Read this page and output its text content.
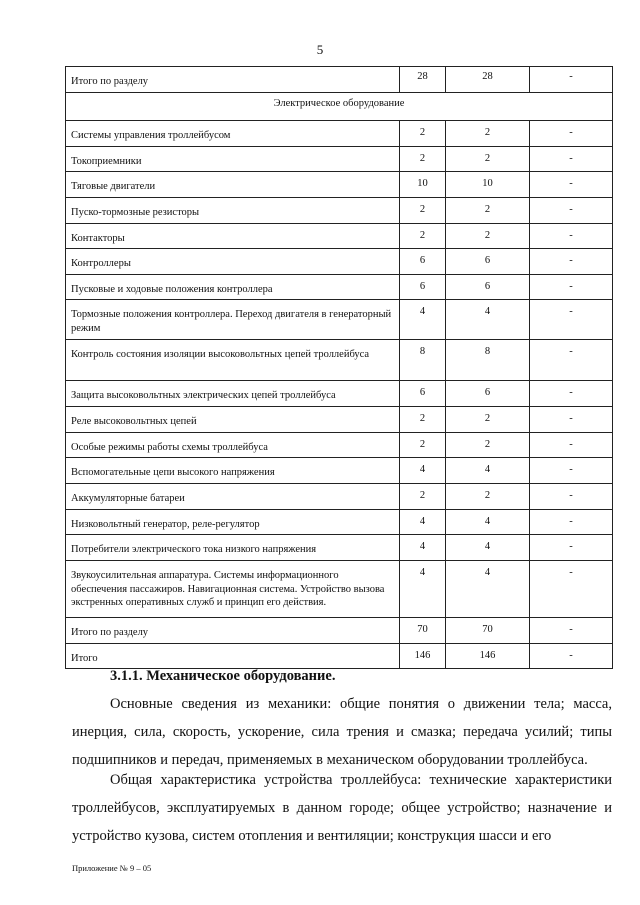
5
Итого по разделу	28	28	-
Электрическое оборудование			
Системы управления троллейбусом	2	2	-
Токоприемники	2	2	-
Тяговые двигатели	10	10	-
Пуско-тормозные резисторы	2	2	-
Контакторы	2	2	-
Контроллеры	6	6	-
Пусковые и ходовые положения контроллера	6	6	-
Тормозные положения контроллера. Переход двигателя в генераторный режим	4	4	-
Контроль состояния изоляции высоковольтных цепей троллейбуса	8	8	-
Защита высоковольтных электрических цепей троллейбуса	6	6	-
Реле высоковольтных цепей	2	2	-
Особые режимы работы схемы троллейбуса	2	2	-
Вспомогательные цепи высокого напряжения	4	4	-
Аккумуляторные батареи	2	2	-
Низковольтный генератор, реле-регулятор	4	4	-
Потребители электрического тока низкого напряжения	4	4	-
Звукоусилительная аппаратура. Системы информационного обеспечения пассажиров. Навигационная система. Устройство вызова экстренных оперативных служб и принцип его действия.	4	4	-
Итого по разделу	70	70	-
Итого	146	146	-
3.1.1. Механическое оборудование.

Основные сведения из механики: общие понятия о движении тела; масса, инерция, сила, скорость, ускорение, сила трения и смазка; передача усилий; типы подшипников и передач, применяемых в механическом оборудовании троллейбуса.

Общая характеристика устройства троллейбуса: технические характеристики троллейбусов, эксплуатируемых в данном городе; общее устройство; назначение и устройство кузова, систем отопления и вентиляции; конструкция шасси и его

Приложение № 9 – 05
